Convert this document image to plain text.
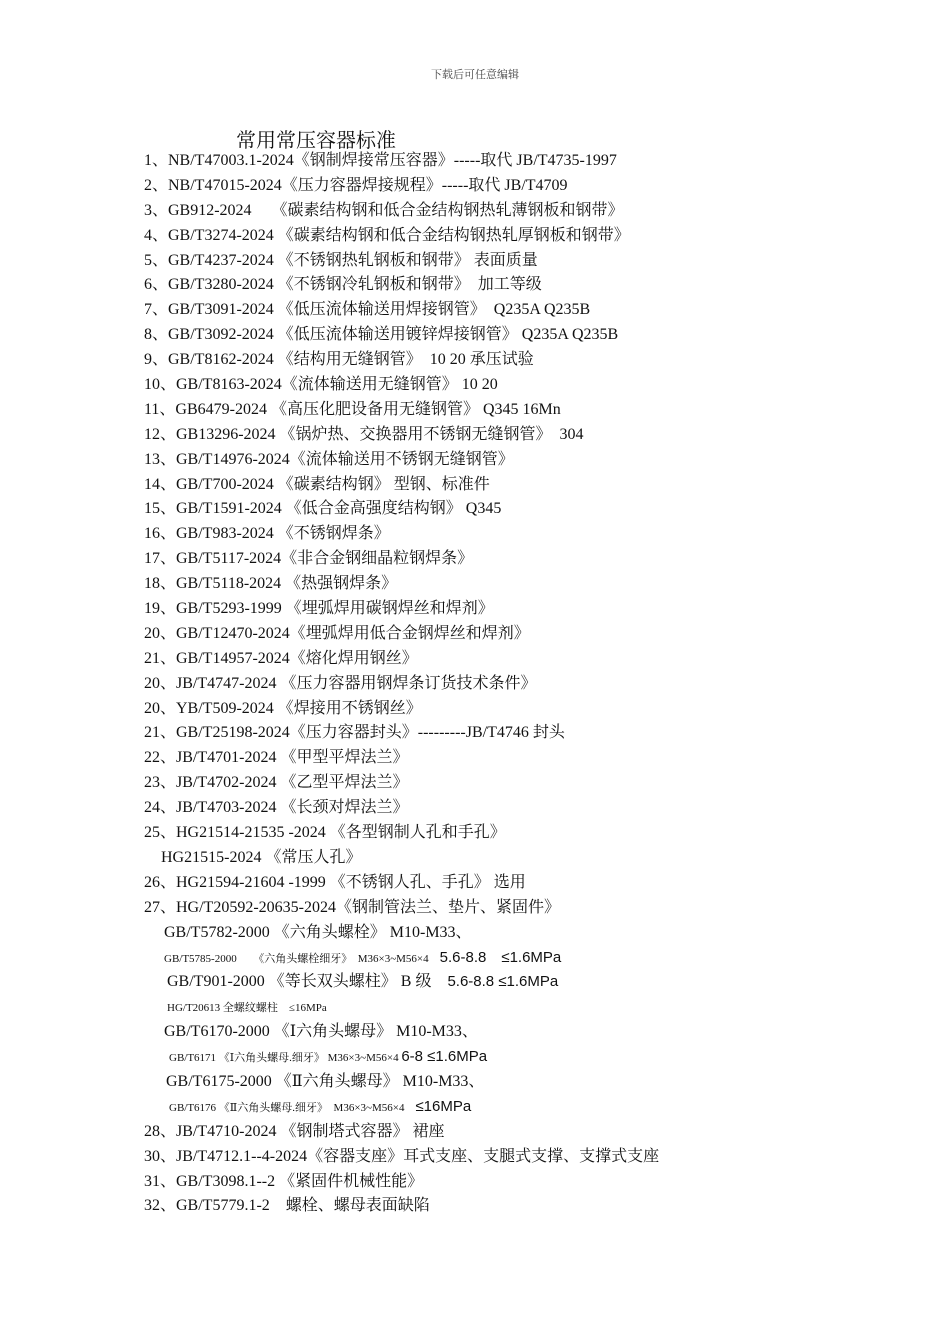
下载后可任意编辑
常用常压容器标准
1、NB/T47003.1-2024《钢制焊接常压容器》-----取代 JB/T4735-1997
2、NB/T47015-2024《压力容器焊接规程》-----取代 JB/T4709
3、GB912-2024　 《碳素结构钢和低合金结构钢热轧薄钢板和钢带》
4、GB/T3274-2024 《碳素结构钢和低合金结构钢热轧厚钢板和钢带》
5、GB/T4237-2024 《不锈钢热轧钢板和钢带》 表面质量
6、GB/T3280-2024 《不锈钢冷轧钢板和钢带》　加工等级
7、GB/T3091-2024 《低压流体输送用焊接钢管》　Q235A Q235B
8、GB/T3092-2024 《低压流体输送用镀锌焊接钢管》 Q235A Q235B
9、GB/T8162-2024 《结构用无缝钢管》　10 20 承压试验
10、GB/T8163-2024《流体输送用无缝钢管》 10 20
11、GB6479-2024 《高压化肥设备用无缝钢管》 Q345 16Mn
12、GB13296-2024 《锅炉热、交换器用不锈钢无缝钢管》　304
13、GB/T14976-2024《流体输送用不锈钢无缝钢管》
14、GB/T700-2024 《碳素结构钢》 型钢、标准件
15、GB/T1591-2024 《低合金高强度结构钢》 Q345
16、GB/T983-2024 《不锈钢焊条》
17、GB/T5117-2024《非合金钢细晶粒钢焊条》
18、GB/T5118-2024 《热强钢焊条》
19、GB/T5293-1999 《埋弧焊用碳钢焊丝和焊剂》
20、GB/T12470-2024《埋弧焊用低合金钢焊丝和焊剂》
21、GB/T14957-2024《熔化焊用钢丝》
20、JB/T4747-2024 《压力容器用钢焊条订货技术条件》
20、YB/T509-2024 《焊接用不锈钢丝》
21、GB/T25198-2024《压力容器封头》---------JB/T4746 封头
22、JB/T4701-2024 《甲型平焊法兰》
23、JB/T4702-2024 《乙型平焊法兰》
24、JB/T4703-2024 《长颈对焊法兰》
25、HG21514-21535 -2024 《各型钢制人孔和手孔》
HG21515-2024 《常压人孔》
26、HG21594-21604 -1999 《不锈钢人孔、手孔》 选用
27、HG/T20592-20635-2024《钢制管法兰、垫片、紧固件》
GB/T5782-2000 《六角头螺栓》 M10-M33、
GB/T5785-2000　　《六角头螺栓细牙》　M36×3~M56×4　5.6-8.8　≤1.6MPa
GB/T901-2000 《等长双头螺柱》 B 级　5.6-8.8 ≤1.6MPa
HG/T20613 全螺纹螺柱　≤16MPa
GB/T6170-2000 《Ⅰ六角头螺母》 M10-M33、
GB/T6171 《Ⅰ六角头螺母.细牙》 M36×3~M56×4 6-8 ≤1.6MPa
GB/T6175-2000 《Ⅱ六角头螺母》 M10-M33、
GB/T6176 《Ⅱ六角头螺母.细牙》　M36×3~M56×4　≤16MPa
28、JB/T4710-2024 《钢制塔式容器》 裙座
30、JB/T4712.1--4-2024《容器支座》耳式支座、支腿式支撑、支撑式支座
31、GB/T3098.1--2 《紧固件机械性能》
32、GB/T5779.1-2　螺栓、螺母表面缺陷
